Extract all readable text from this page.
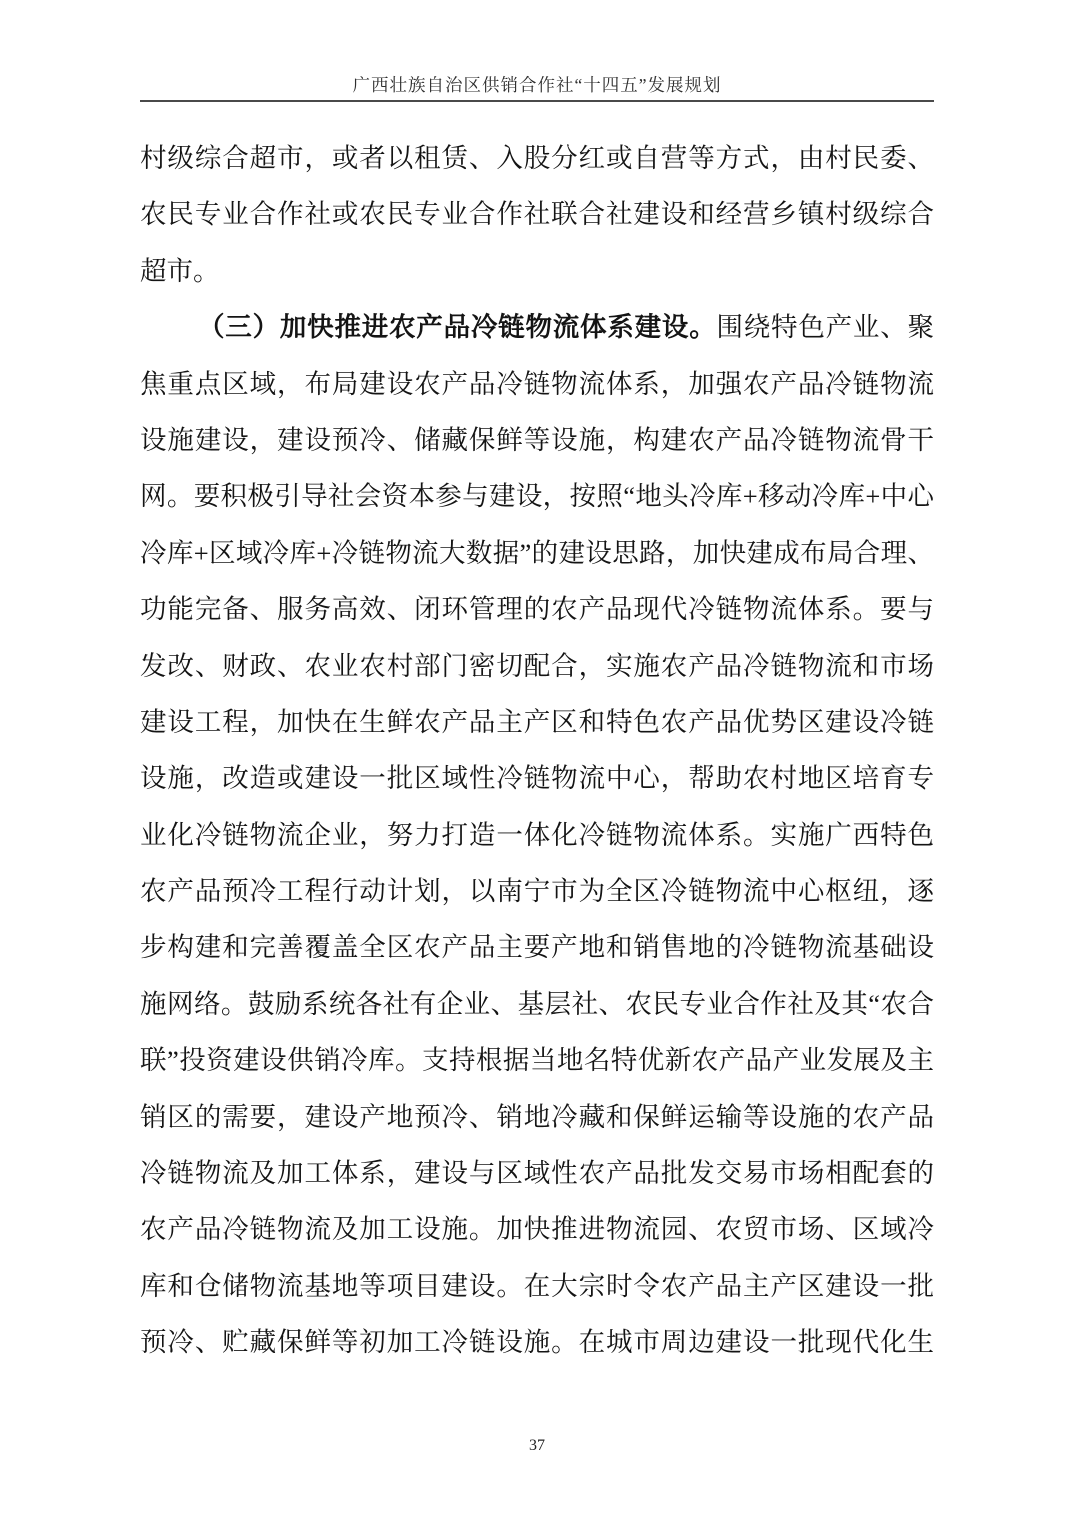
广西壮族自治区供销合作社“十四五”发展规划
村级综合超市，或者以租赁、入股分红或自营等方式，由村民委、
农民专业合作社或农民专业合作社联合社建设和经营乡镇村级综合
超市。
（三）加快推进农产品冷链物流体系建设。围绕特色产业、聚
焦重点区域，布局建设农产品冷链物流体系，加强农产品冷链物流
设施建设，建设预冷、储藏保鲜等设施，构建农产品冷链物流骨干
网。要积极引导社会资本参与建设，按照“地头冷库+移动冷库+中心
冷库+区域冷库+冷链物流大数据”的建设思路，加快建成布局合理、
功能完备、服务高效、闭环管理的农产品现代冷链物流体系。要与
发改、财政、农业农村部门密切配合，实施农产品冷链物流和市场
建设工程，加快在生鲜农产品主产区和特色农产品优势区建设冷链
设施，改造或建设一批区域性冷链物流中心，帮助农村地区培育专
业化冷链物流企业，努力打造一体化冷链物流体系。实施广西特色
农产品预冷工程行动计划，以南宁市为全区冷链物流中心枢纽，逐
步构建和完善覆盖全区农产品主要产地和销售地的冷链物流基础设
施网络。鼓励系统各社有企业、基层社、农民专业合作社及其“农合
联”投资建设供销冷库。支持根据当地名特优新农产品产业发展及主
销区的需要，建设产地预冷、销地冷藏和保鲜运输等设施的农产品
冷链物流及加工体系，建设与区域性农产品批发交易市场相配套的
农产品冷链物流及加工设施。加快推进物流园、农贸市场、区域冷
库和仓储物流基地等项目建设。在大宗时令农产品主产区建设一批
预冷、贮藏保鲜等初加工冷链设施。在城市周边建设一批现代化生
37
